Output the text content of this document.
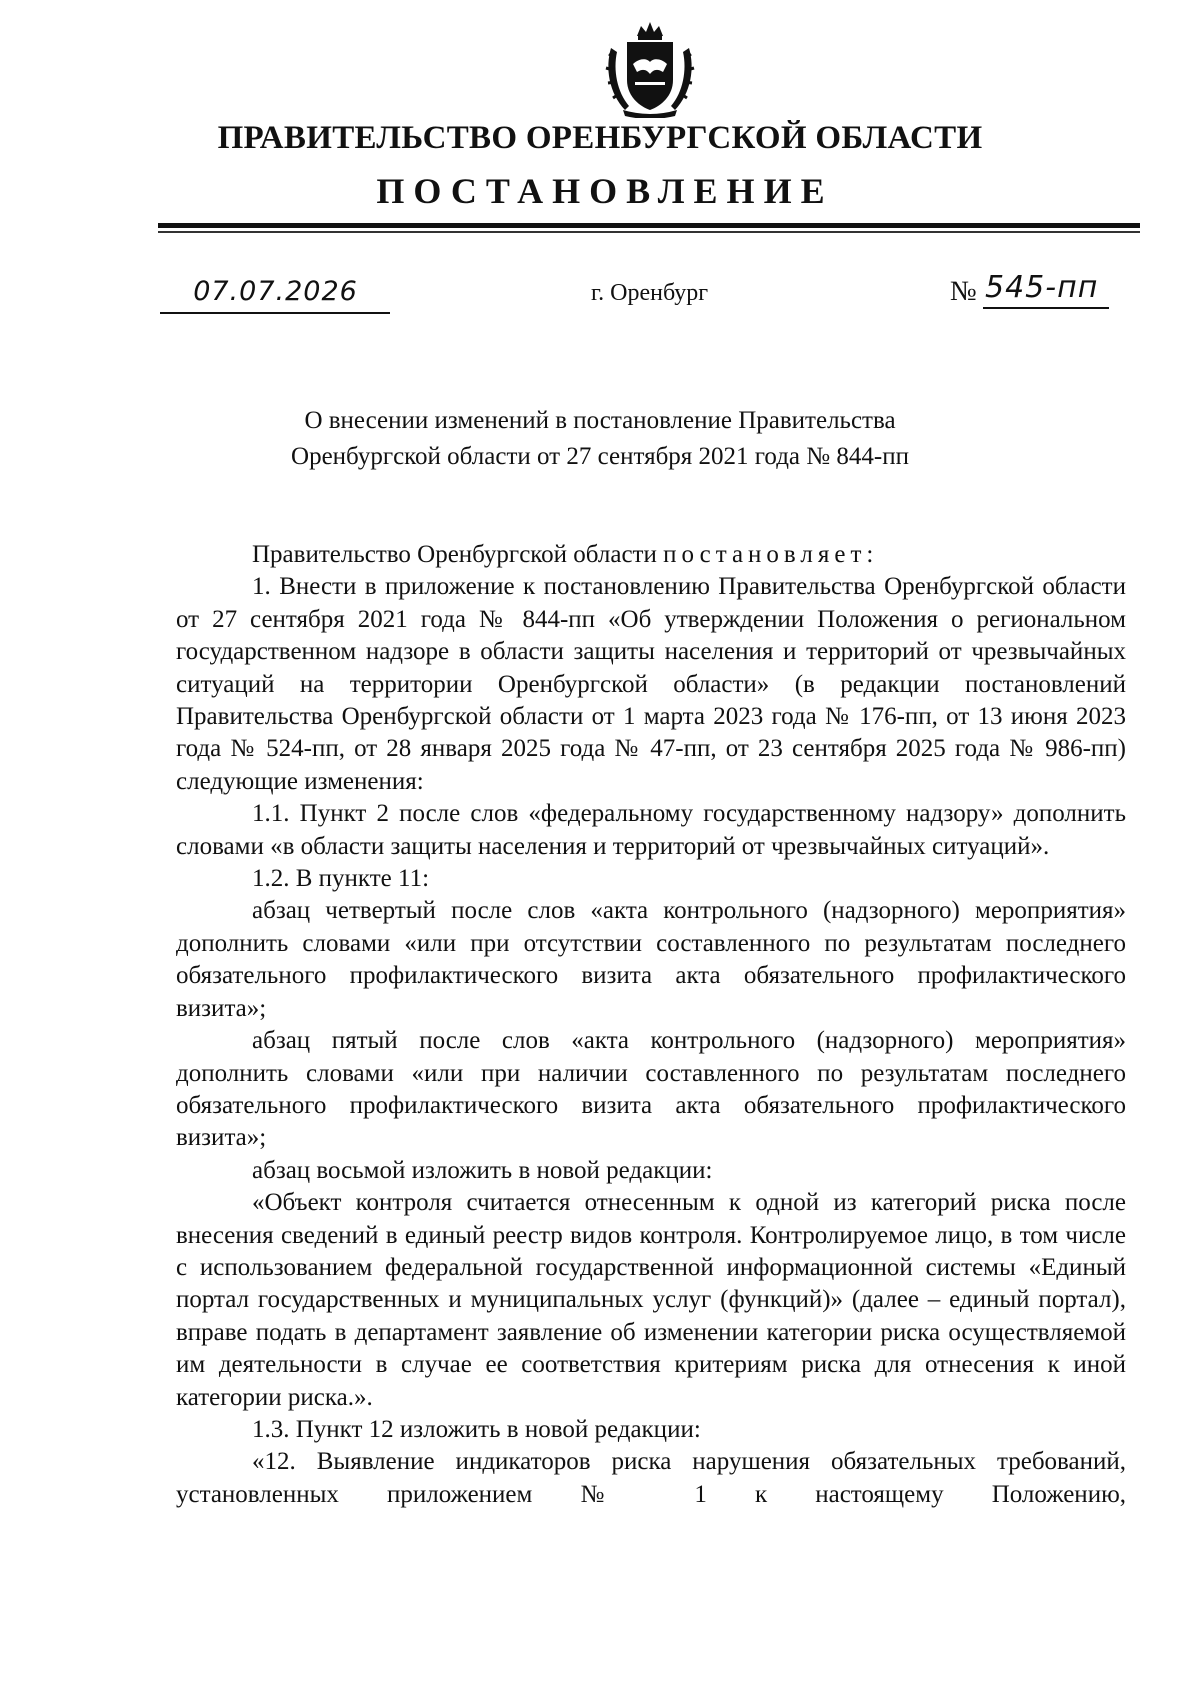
ПРАВИТЕЛЬСТВО ОРЕНБУРГСКОЙ ОБЛАСТИ
ПОСТАНОВЛЕНИЕ
07.07.2026	г. Оренбург	№ 545-пп
О внесении изменений в постановление Правительства
Оренбургской области от 27 сентября 2021 года № 844-пп

Правительство Оренбургской области постановляет:

1. Внести в приложение к постановлению Правительства Оренбургской области от 27 сентября 2021 года № 844-пп «Об утверждении Положения о региональном государственном надзоре в области защиты населения и территорий от чрезвычайных ситуаций на территории Оренбургской области» (в редакции постановлений Правительства Оренбургской области от 1 марта 2023 года № 176-пп, от 13 июня 2023 года № 524-пп, от 28 января 2025 года № 47-пп, от 23 сентября 2025 года № 986-пп) следующие изменения:

1.1. Пункт 2 после слов «федеральному государственному надзору» дополнить словами «в области защиты населения и территорий от чрезвычайных ситуаций».

1.2. В пункте 11:

абзац четвертый после слов «акта контрольного (надзорного) мероприятия» дополнить словами «или при отсутствии составленного по результатам последнего обязательного профилактического визита акта обязательного профилактического визита»;

абзац пятый после слов «акта контрольного (надзорного) мероприятия» дополнить словами «или при наличии составленного по результатам последнего обязательного профилактического визита акта обязательного профилактического визита»;

абзац восьмой изложить в новой редакции:

«Объект контроля считается отнесенным к одной из категорий риска после внесения сведений в единый реестр видов контроля. Контролируемое лицо, в том числе с использованием федеральной государственной информационной системы «Единый портал государственных и муниципальных услуг (функций)» (далее – единый портал), вправе подать в департамент заявление об изменении категории риска осуществляемой им деятельности в случае ее соответствия критериям риска для отнесения к иной категории риска.».

1.3. Пункт 12 изложить в новой редакции:

«12. Выявление индикаторов риска нарушения обязательных требований, установленных приложением № 1 к настоящему Положению,
